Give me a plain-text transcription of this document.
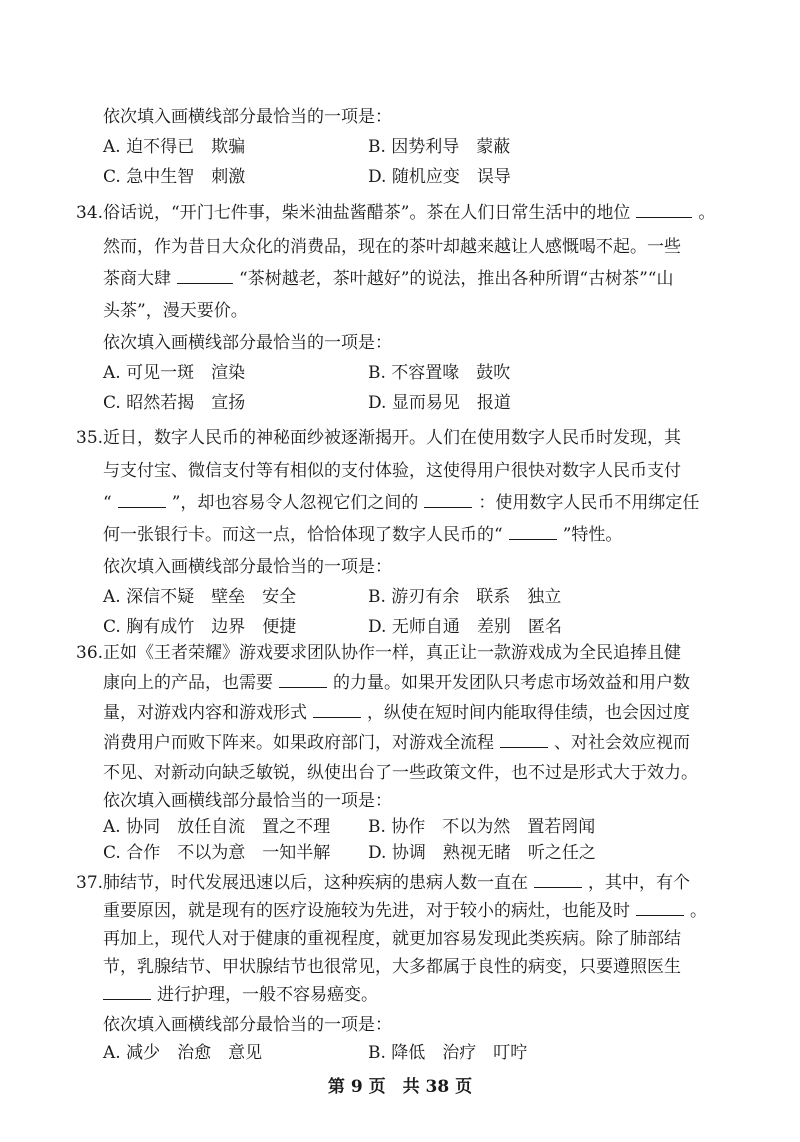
依次填入画横线部分最恰当的一项是：
A. 迫不得已　欺骗	B. 因势利导　蒙蔽
C. 急中生智　刺激	D. 随机应变　误导
34. 俗话说，“开门七件事，柴米油盐酱醋茶”。茶在人们日常生活中的地位	。
然而，作为昔日大众化的消费品，现在的茶叶却越来越让人感慨喝不起。一些
茶商大肆	“茶树越老，茶叶越好”的说法，推出各种所谓“古树茶”“山
头茶”，漫天要价。
依次填入画横线部分最恰当的一项是：
A. 可见一斑　渲染	B. 不容置喙　鼓吹
C. 昭然若揭　宣扬	D. 显而易见　报道
35. 近日，数字人民币的神秘面纱被逐渐揭开。人们在使用数字人民币时发现，其
与支付宝、微信支付等有相似的支付体验，这使得用户很快对数字人民币支付
“	”，却也容易令人忽视它们之间的	：使用数字人民币不用绑定任
何一张银行卡。而这一点，恰恰体现了数字人民币的“	”特性。
依次填入画横线部分最恰当的一项是：
A. 深信不疑　壁垒　安全	B. 游刃有余　联系　独立
C. 胸有成竹　边界　便捷	D. 无师自通　差别　匿名
36. 正如《王者荣耀》游戏要求团队协作一样，真正让一款游戏成为全民追捧且健
康向上的产品，也需要	的力量。如果开发团队只考虑市场效益和用户数
量，对游戏内容和游戏形式	，纵使在短时间内能取得佳绩，也会因过度
消费用户而败下阵来。如果政府部门，对游戏全流程	、对社会效应视而
不见、对新动向缺乏敏锐，纵使出台了一些政策文件，也不过是形式大于效力。
依次填入画横线部分最恰当的一项是：
A. 协同　放任自流　置之不理 B. 协作　不以为然　置若罔闻
C. 合作　不以为意　一知半解 D. 协调　熟视无睹　听之任之
37. 肺结节，时代发展迅速以后，这种疾病的患病人数一直在	，其中，有个
重要原因，就是现有的医疗设施较为先进，对于较小的病灶，也能及时	。
再加上，现代人对于健康的重视程度，就更加容易发现此类疾病。除了肺部结
节，乳腺结节、甲状腺结节也很常见，大多都属于良性的病变，只要遵照医生
进行护理，一般不容易癌变。
依次填入画横线部分最恰当的一项是：
A. 减少　治愈　意见	B. 降低　治疗　叮咛
第 9 页　共 38 页
